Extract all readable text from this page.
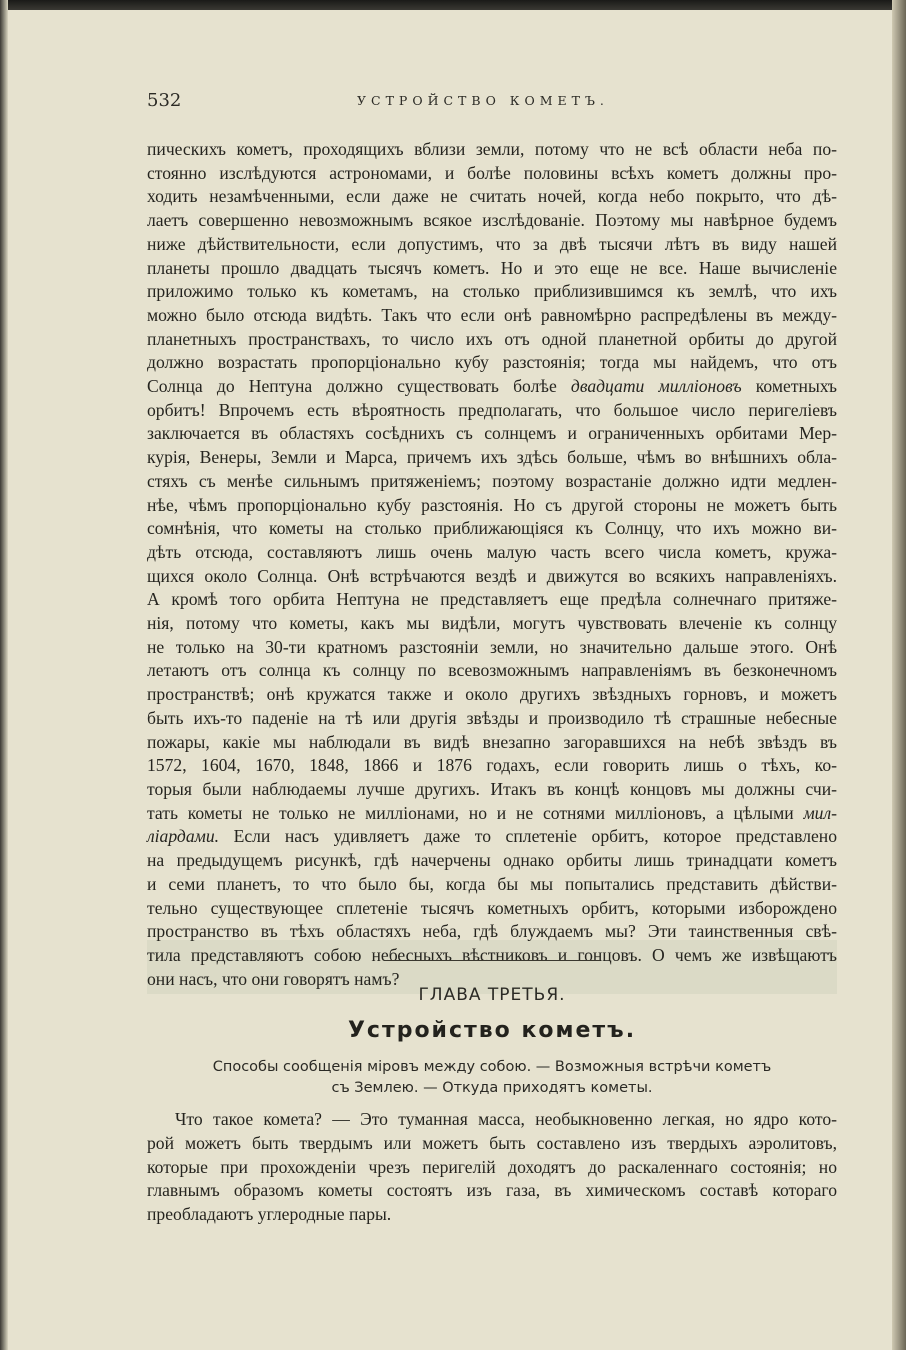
532	УСТРОЙСТВО КОМЕТЪ.
пическихъ кометъ, проходящихъ вблизи земли, потому что не всѣ области неба по-
стоянно изслѣдуются астрономами, и болѣе половины всѣхъ кометъ должны про-
ходить незамѣченными, если даже не считать ночей, когда небо покрыто, что дѣ-
лаетъ совершенно невозможнымъ всякое изслѣдованіе. Поэтому мы навѣрное будемъ
ниже дѣйствительности, если допустимъ, что за двѣ тысячи лѣтъ въ виду нашей
планеты прошло двадцать тысячъ кометъ. Но и это еще не все. Наше вычисленіе
приложимо только къ кометамъ, на столько приблизившимся къ землѣ, что ихъ
можно было отсюда видѣть. Такъ что если онѣ равномѣрно распредѣлены въ между-
планетныхъ пространствахъ, то число ихъ отъ одной планетной орбиты до другой
должно возрастать пропорціонально кубу разстоянія; тогда мы найдемъ, что отъ
Солнца до Нептуна должно существовать болѣе двадцати милліоновъ кометныхъ
орбитъ! Впрочемъ есть вѣроятность предполагать, что большое число перигеліевъ
заключается въ областяхъ сосѣднихъ съ солнцемъ и ограниченныхъ орбитами Мер-
курія, Венеры, Земли и Марса, причемъ ихъ здѣсь больше, чѣмъ во внѣшнихъ обла-
стяхъ съ менѣе сильнымъ притяженіемъ; поэтому возрастаніе должно идти медлен-
нѣе, чѣмъ пропорціонально кубу разстоянія. Но съ другой стороны не можетъ быть
сомнѣнія, что кометы на столько приближающіяся къ Солнцу, что ихъ можно ви-
дѣть отсюда, составляютъ лишь очень малую часть всего числа кометъ, кружа-
щихся около Солнца. Онѣ встрѣчаются вездѣ и движутся во всякихъ направленіяхъ.
А кромѣ того орбита Нептуна не представляетъ еще предѣла солнечнаго притяже-
нія, потому что кометы, какъ мы видѣли, могутъ чувствовать влеченіе къ солнцу
не только на 30-ти кратномъ разстояніи земли, но значительно дальше этого. Онѣ
летаютъ отъ солнца къ солнцу по всевозможнымъ направленіямъ въ безконечномъ
пространствѣ; онѣ кружатся также и около другихъ звѣздныхъ горновъ, и можетъ
быть ихъ-то паденіе на тѣ или другія звѣзды и производило тѣ страшные небесные
пожары, какіе мы наблюдали въ видѣ внезапно загоравшихся на небѣ звѣздъ въ
1572, 1604, 1670, 1848, 1866 и 1876 годахъ, если говорить лишь о тѣхъ, ко-
торыя были наблюдаемы лучше другихъ. Итакъ въ концѣ концовъ мы должны счи-
тать кометы не только не милліонами, но и не сотнями милліоновъ, а цѣлыми мил-
ліардами. Если насъ удивляетъ даже то сплетеніе орбитъ, которое представлено
на предыдущемъ рисункѣ, гдѣ начерчены однако орбиты лишь тринадцати кометъ
и семи планетъ, то что было бы, когда бы мы попытались представить дѣйстви-
тельно существующее сплетеніе тысячъ кометныхъ орбитъ, которыми изборождено
пространство въ тѣхъ областяхъ неба, гдѣ блуждаемъ мы? Эти таинственныя свѣ-
тила представляютъ собою небесныхъ вѣстниковъ и гонцовъ. О чемъ же извѣщаютъ
они насъ, что они говорятъ намъ?
ГЛАВА ТРЕТЬЯ.
Устройство кометъ.
Способы сообщенія міровъ между собою. — Возможныя встрѣчи кометъ
съ Землею. — Откуда приходятъ кометы.
Что такое комета? — Это туманная масса, необыкновенно легкая, но ядро кото-
рой можетъ быть твердымъ или можетъ быть составлено изъ твердыхъ аэролитовъ,
которые при прохожденіи чрезъ перигелій доходятъ до раскаленнаго состоянія; но
главнымъ образомъ кометы состоятъ изъ газа, въ химическомъ составѣ котораго
преобладаютъ углеродные пары.
